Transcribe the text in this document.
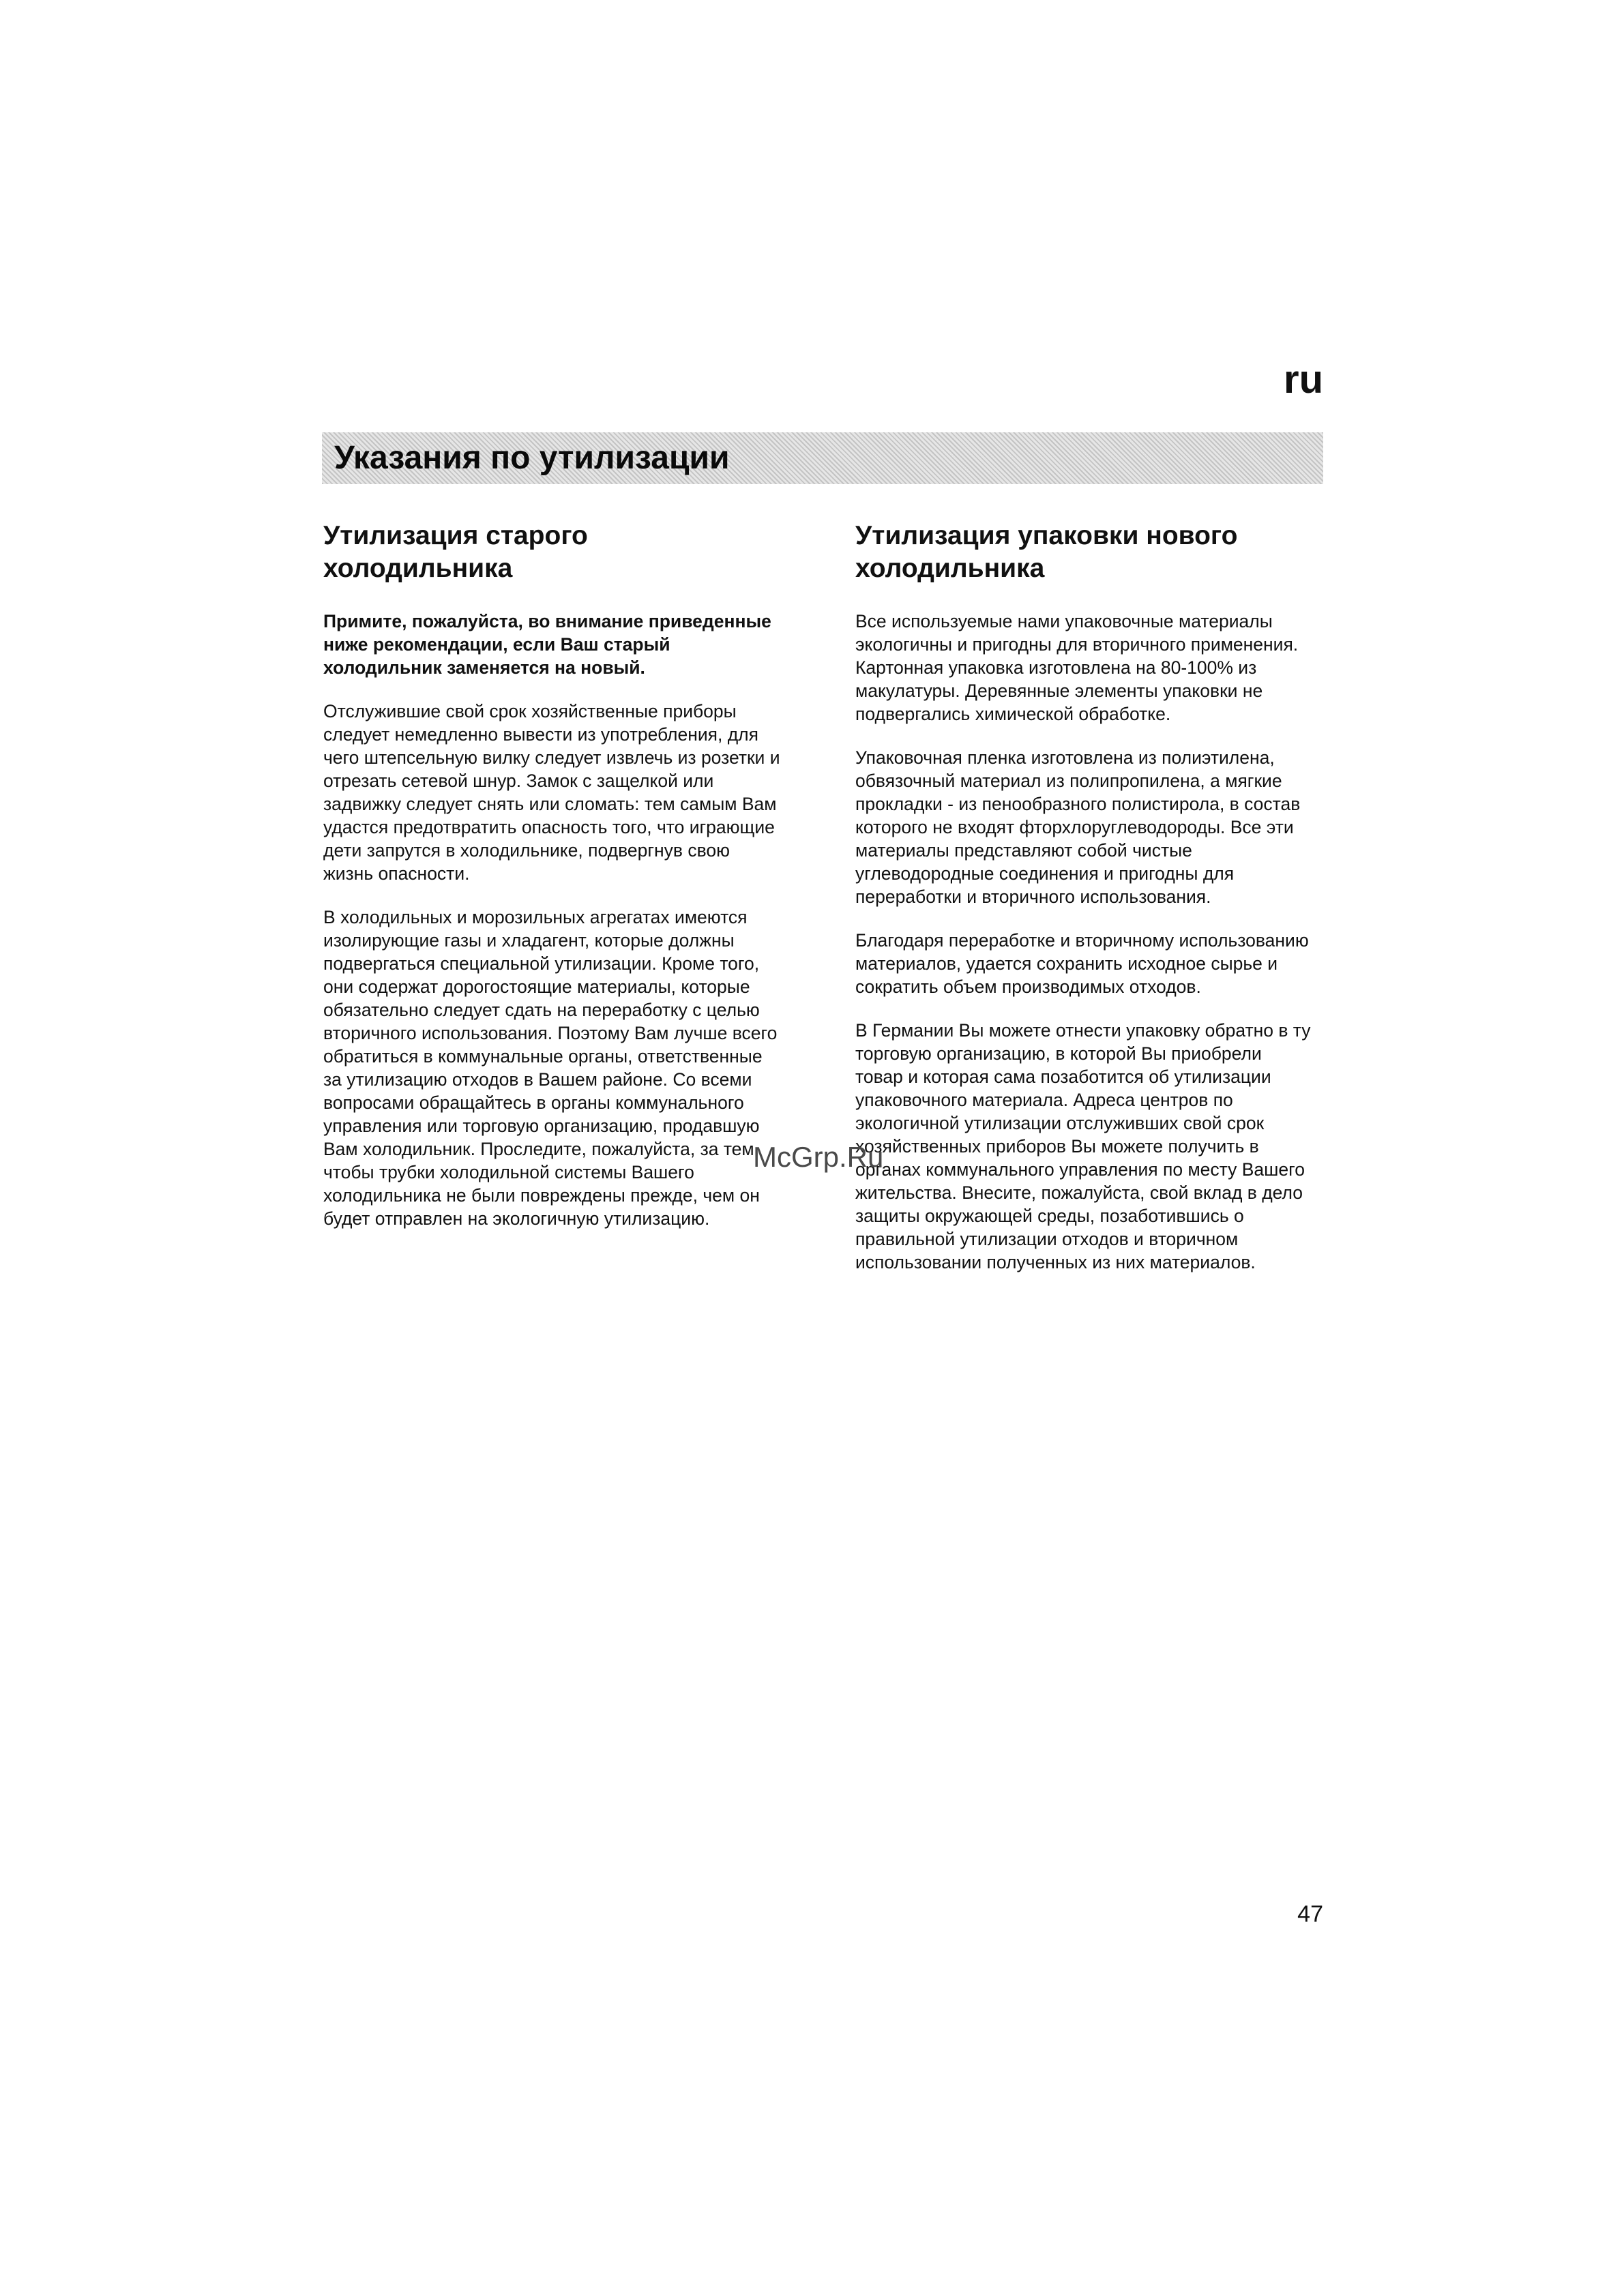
ru
Указания по утилизации
Утилизация старого холодильника

Примите, пожалуйста, во внимание приведенные ниже рекомендации, если Ваш старый холодильник заменяется на новый.

Отслужившие свой срок хозяйственные приборы следует немедленно вывести из употребления, для чего штепсельную вилку следует извлечь из розетки и отрезать сетевой шнур. Замок с защелкой или задвижку следует снять или сломать: тем самым Вам удастся предотвратить опасность того, что играющие дети запрутся в холодильнике, подвергнув свою жизнь опасности.

В холодильных и морозильных агрегатах имеются изолирующие газы и хладагент, которые должны подвергаться специальной утилизации. Кроме того, они содержат дорогостоящие материалы, которые обязательно следует сдать на переработку с целью вторичного использования. Поэтому Вам лучше всего обратиться в коммунальные органы, ответственные за утилизацию отходов в Вашем районе. Со всеми вопросами обращайтесь в органы коммунального управления или торговую организацию, продавшую Вам холодильник. Проследите, пожалуйста, за тем, чтобы трубки холодильной системы Вашего холодильника не были повреждены прежде, чем он будет отправлен на экологичную утилизацию.

Утилизация упаковки нового холодильника

Все используемые нами упаковочные материалы экологичны и пригодны для вторичного применения. Картонная упаковка изготовлена на 80-100% из макулатуры. Деревянные элементы упаковки не подвергались химической обработке.

Упаковочная пленка изготовлена из полиэтилена, обвязочный материал из полипропилена, а мягкие прокладки - из пенообразного полистирола, в состав которого не входят фторхлоруглеводороды. Все эти материалы представляют собой чистые углеводородные соединения и пригодны для переработки и вторичного использования.

Благодаря переработке и вторичному использованию материалов, удается сохранить исходное сырье и сократить объем производимых отходов.

В Германии Вы можете отнести упаковку обратно в ту торговую организацию, в которой Вы приобрели товар и которая сама позаботится об утилизации упаковочного материала. Адреса центров по экологичной утилизации отслуживших свой срок хозяйственных приборов Вы можете получить в органах коммунального управления по месту Вашего жительства. Внесите, пожалуйста, свой вклад в дело защиты окружающей среды, позаботившись о правильной утилизации отходов и вторичном использовании полученных из них материалов.

McGrp.Ru
47
